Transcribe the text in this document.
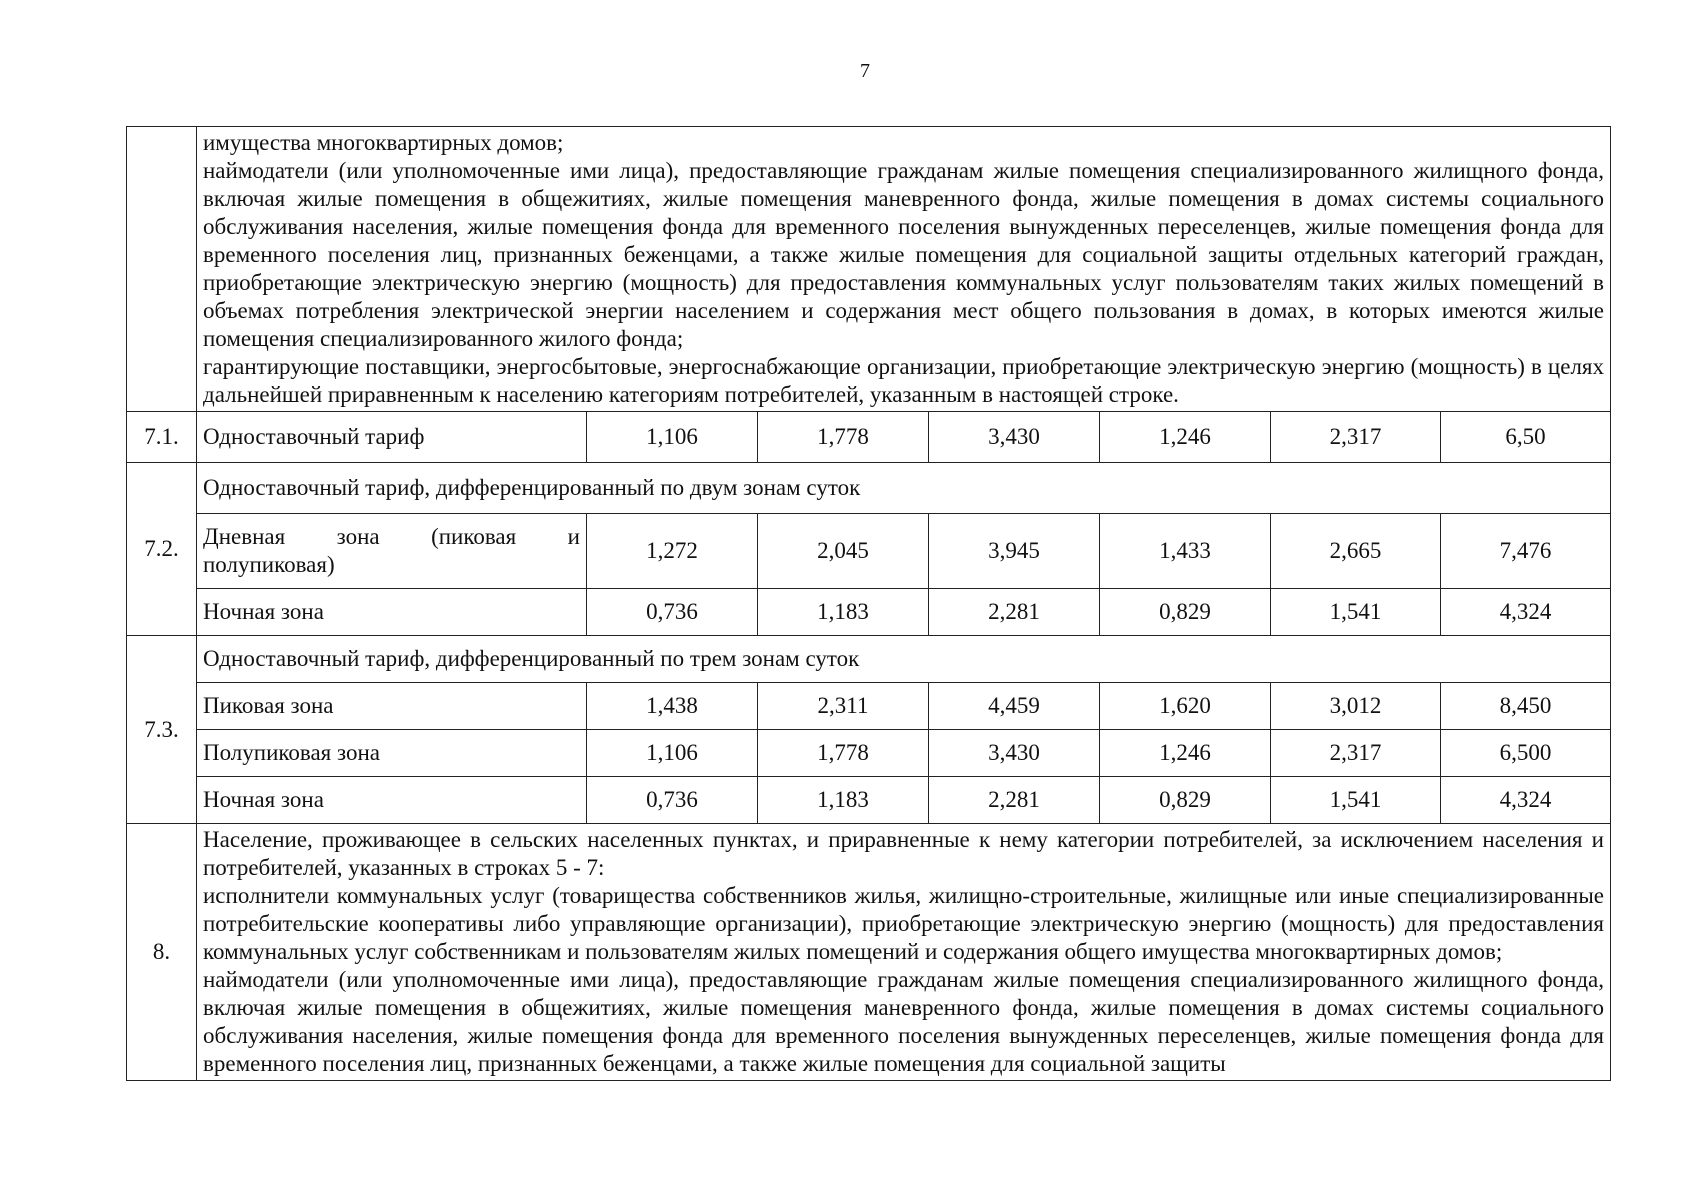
7

	имущества многоквартирных домов;

наймодатели (или уполномоченные ими лица), предоставляющие гражданам жилые помещения специализированного жилищного фонда, включая жилые помещения в общежитиях, жилые помещения маневренного фонда, жилые помещения в домах системы социального обслуживания населения, жилые помещения фонда для временного поселения вынужденных переселенцев, жилые помещения фонда для временного поселения лиц, признанных беженцами, а также жилые помещения для социальной защиты отдельных категорий граждан, приобретающие электрическую энергию (мощность) для предоставления коммунальных услуг пользователям таких жилых помещений в объемах потребления электрической энергии населением и содержания мест общего пользования в домах, в которых имеются жилые помещения специализированного жилого фонда;

гарантирующие поставщики, энергосбытовые, энергоснабжающие организации, приобретающие электрическую энергию (мощность) в целях дальнейшей приравненным к населению категориям потребителей, указанным в настоящей строке.						

7.1.	Одноставочный тариф	1,106	1,778	3,430	1,246	2,317	6,50
7.2.	Одноставочный тариф, дифференцированный по двум зонам суток						
	Дневная зона (пиковая и полупиковая)	1,272	2,045	3,945	1,433	2,665	7,476
	Ночная зона	0,736	1,183	2,281	0,829	1,541	4,324
7.3.	Одноставочный тариф, дифференцированный по трем зонам суток						
	Пиковая зона	1,438	2,311	4,459	1,620	3,012	8,450
	Полупиковая зона	1,106	1,778	3,430	1,246	2,317	6,500
	Ночная зона	0,736	1,183	2,281	0,829	1,541	4,324
8.	Население, проживающее в сельских населенных пунктах, и приравненные к нему категории потребителей, за исключением населения и потребителей, указанных в строках 5 - 7:

исполнители коммунальных услуг (товарищества собственников жилья, жилищно-строительные, жилищные или иные специализированные потребительские кооперативы либо управляющие организации), приобретающие электрическую энергию (мощность) для предоставления коммунальных услуг собственникам и пользователям жилых помещений и содержания общего имущества многоквартирных домов;

наймодатели (или уполномоченные ими лица), предоставляющие гражданам жилые помещения специализированного жилищного фонда, включая жилые помещения в общежитиях, жилые помещения маневренного фонда, жилые помещения в домах системы социального обслуживания населения, жилые помещения фонда для временного поселения вынужденных переселенцев, жилые помещения фонда для временного поселения лиц, признанных беженцами, а также жилые помещения для социальной защиты						
